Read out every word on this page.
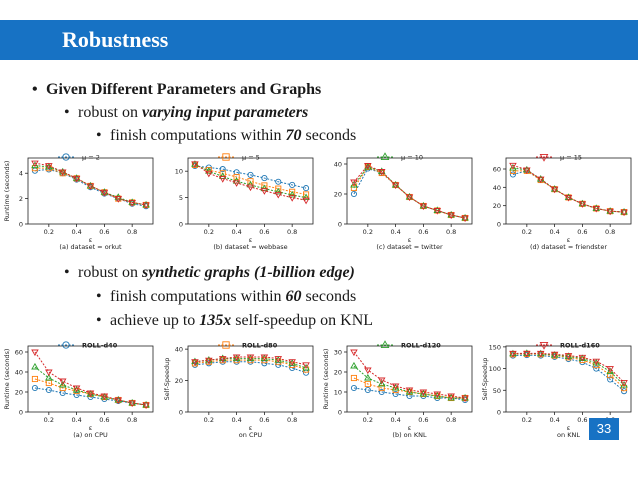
Robustness
• Given Different Parameters and Graphs
• robust on varying input parameters
• finish computations within 70 seconds
• robust on synthetic graphs (1-billion edge)
• finish computations within 60 seconds
• achieve up to 135x self-speedup on KNL
0
2
4
0.2	0.4	0.6	0.8
ε
(a) dataset = orkut
Runtime (seconds)
μ = 2
0
5
10
0.2	0.4	0.6	0.8
ε
(b) dataset = webbase
μ = 5
0
20
40
0.2	0.4	0.6	0.8
ε
(c) dataset = twitter
μ = 10
0
20
40
60
0.2	0.4	0.6	0.8
ε
(d) dataset = friendster
μ = 15
0
20
40
60
0.2	0.4	0.6	0.8
ε
(a) on CPU
Runtime (seconds)
ROLL-d40
0
20
40
0.2	0.4	0.6	0.8
ε
on CPU
Self-Speedup
ROLL-d80
0
10
20
30
0.2	0.4	0.6	0.8
ε
(b) on KNL
Runtime (seconds)
ROLL-d120
0
50
100
150
0.2	0.4	0.6
ε
on KNL
Self-Speedup
ROLL-d160
33
